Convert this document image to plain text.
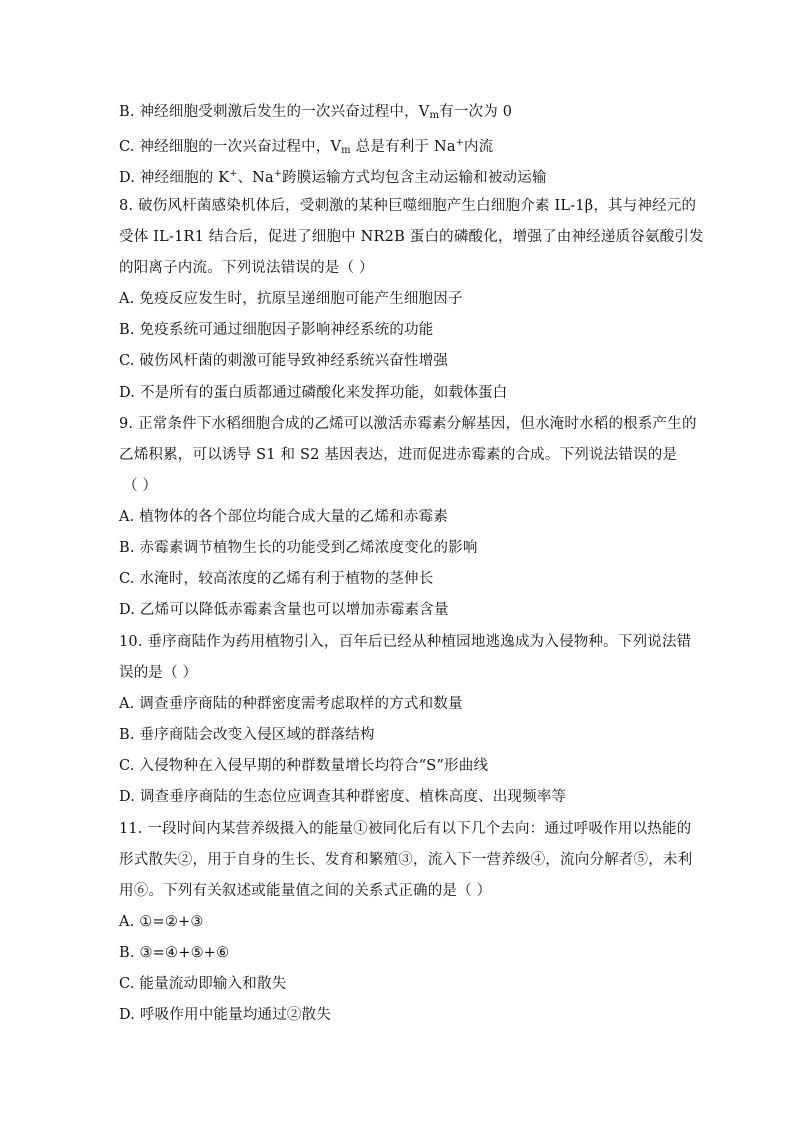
B. 神经细胞受刺激后发生的一次兴奋过程中，$V_m$有一次为 0
C. 神经细胞的一次兴奋过程中，$V_m$ 总是有利于 Na+内流
D. 神经细胞的 K+、Na+跨膜运输方式均包含主动运输和被动运输
8. 破伤风杆菌感染机体后，受刺激的某种巨噬细胞产生白细胞介素 IL-1β，其与神经元的
受体 IL-1R1 结合后，促进了细胞中 NR2B 蛋白的磷酸化，增强了由神经递质谷氨酸引发
的阳离子内流。下列说法错误的是（ ）
A. 免疫反应发生时，抗原呈递细胞可能产生细胞因子
B. 免疫系统可通过细胞因子影响神经系统的功能
C. 破伤风杆菌的刺激可能导致神经系统兴奋性增强
D. 不是所有的蛋白质都通过磷酸化来发挥功能，如载体蛋白
9. 正常条件下水稻细胞合成的乙烯可以激活赤霉素分解基因，但水淹时水稻的根系产生的
乙烯积累，可以诱导 S1 和 S2 基因表达，进而促进赤霉素的合成。下列说法错误的是
（ ）
A. 植物体的各个部位均能合成大量的乙烯和赤霉素
B. 赤霉素调节植物生长的功能受到乙烯浓度变化的影响
C. 水淹时，较高浓度的乙烯有利于植物的茎伸长
D. 乙烯可以降低赤霉素含量也可以增加赤霉素含量
10. 垂序商陆作为药用植物引入，百年后已经从种植园地逃逸成为入侵物种。下列说法错
误的是（ ）
A. 调查垂序商陆的种群密度需考虑取样的方式和数量
B. 垂序商陆会改变入侵区域的群落结构
C. 入侵物种在入侵早期的种群数量增长均符合“S”形曲线
D. 调查垂序商陆的生态位应调查其种群密度、植株高度、出现频率等
11. 一段时间内某营养级摄入的能量①被同化后有以下几个去向：通过呼吸作用以热能的
形式散失②，用于自身的生长、发育和繁殖③，流入下一营养级④，流向分解者⑤，未利
用⑥。下列有关叙述或能量值之间的关系式正确的是（ ）
A. ①=②+③
B. ③=④+⑤+⑥
C. 能量流动即输入和散失
D. 呼吸作用中能量均通过②散失
